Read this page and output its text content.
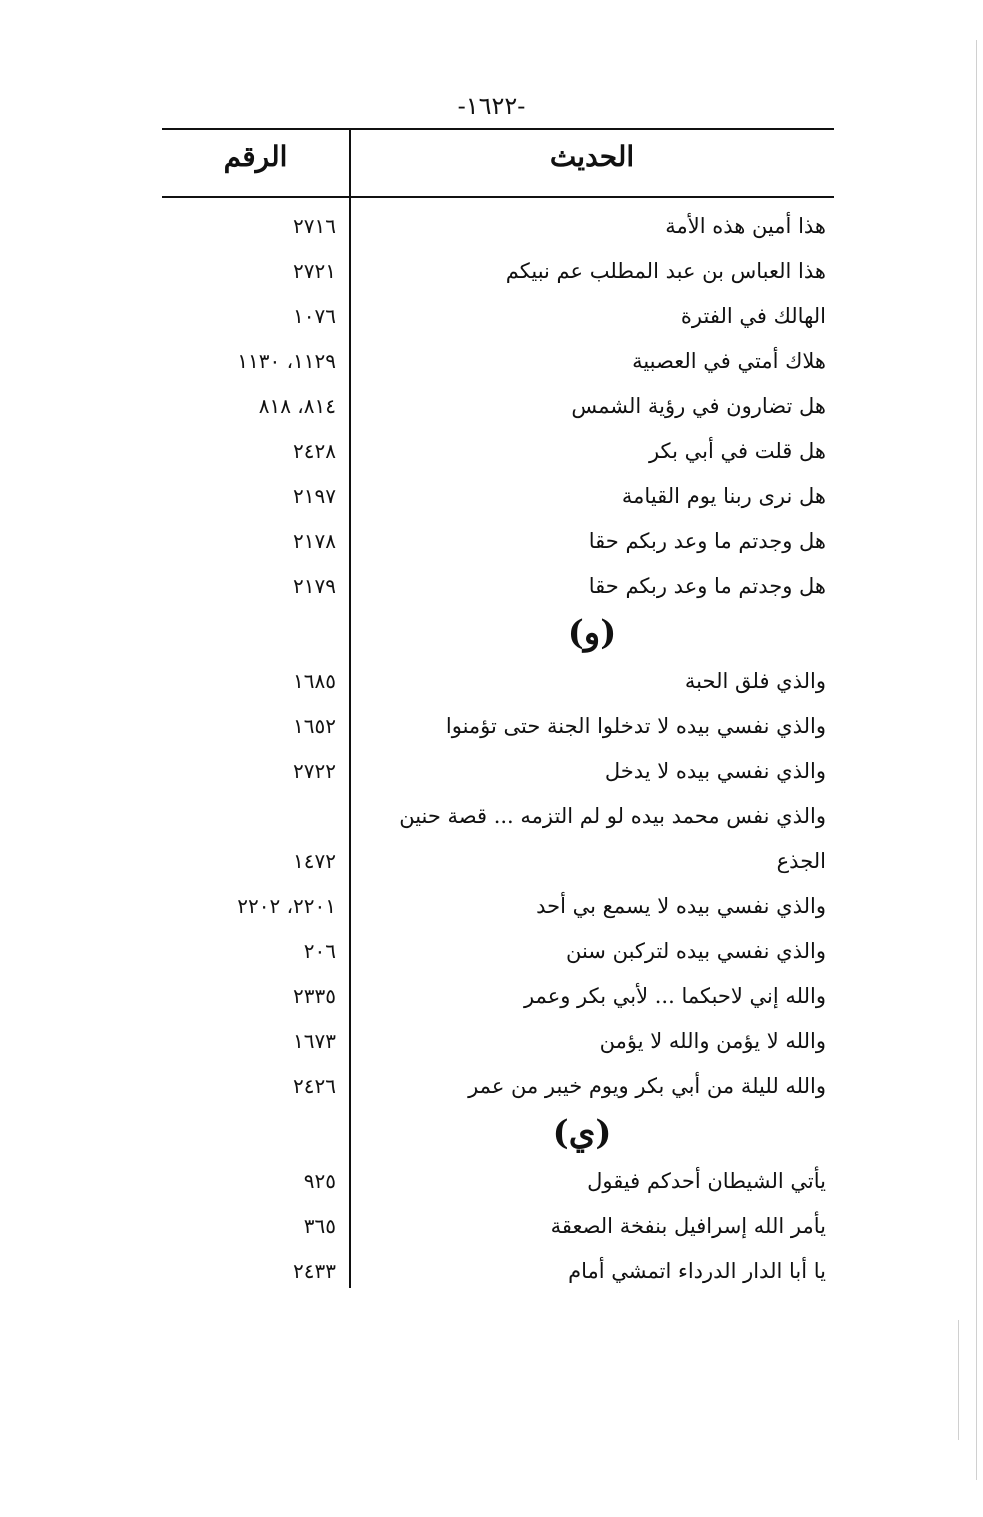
-١٦٢٢-
الحديث
الرقم
هذا أمين هذه الأمة
٢٧١٦
هذا العباس بن عبد المطلب عم نبيكم
٢٧٢١
الهالك في الفترة
١٠٧٦
هلاك أمتي في العصبية
١١٢٩، ١١٣٠
هل تضارون في رؤية الشمس
٨١٤، ٨١٨
هل قلت في أبي بكر
٢٤٢٨
هل نرى ربنا يوم القيامة
٢١٩٧
هل وجدتم ما وعد ربكم حقا
٢١٧٨
هل وجدتم ما وعد ربكم حقا
٢١٧٩
(و)
والذي فلق الحبة
١٦٨٥
والذي نفسي بيده لا تدخلوا الجنة حتى تؤمنوا
١٦٥٢
والذي نفسي بيده لا يدخل
٢٧٢٢
والذي نفس محمد بيده لو لم التزمه ... قصة حنين
الجذع
١٤٧٢
والذي نفسي بيده لا يسمع بي أحد
٢٢٠١، ٢٢٠٢
والذي نفسي بيده لتركبن سنن
٢٠٦
والله إني لاحبكما ... لأبي بكر وعمر
٢٣٣٥
والله لا يؤمن والله لا يؤمن
١٦٧٣
والله لليلة من أبي بكر ويوم خيبر من عمر
٢٤٢٦
(ي)
يأتي الشيطان أحدكم فيقول
٩٢٥
يأمر الله إسرافيل بنفخة الصعقة
٣٦٥
يا أبا الدار الدرداء اتمشي أمام
٢٤٣٣
